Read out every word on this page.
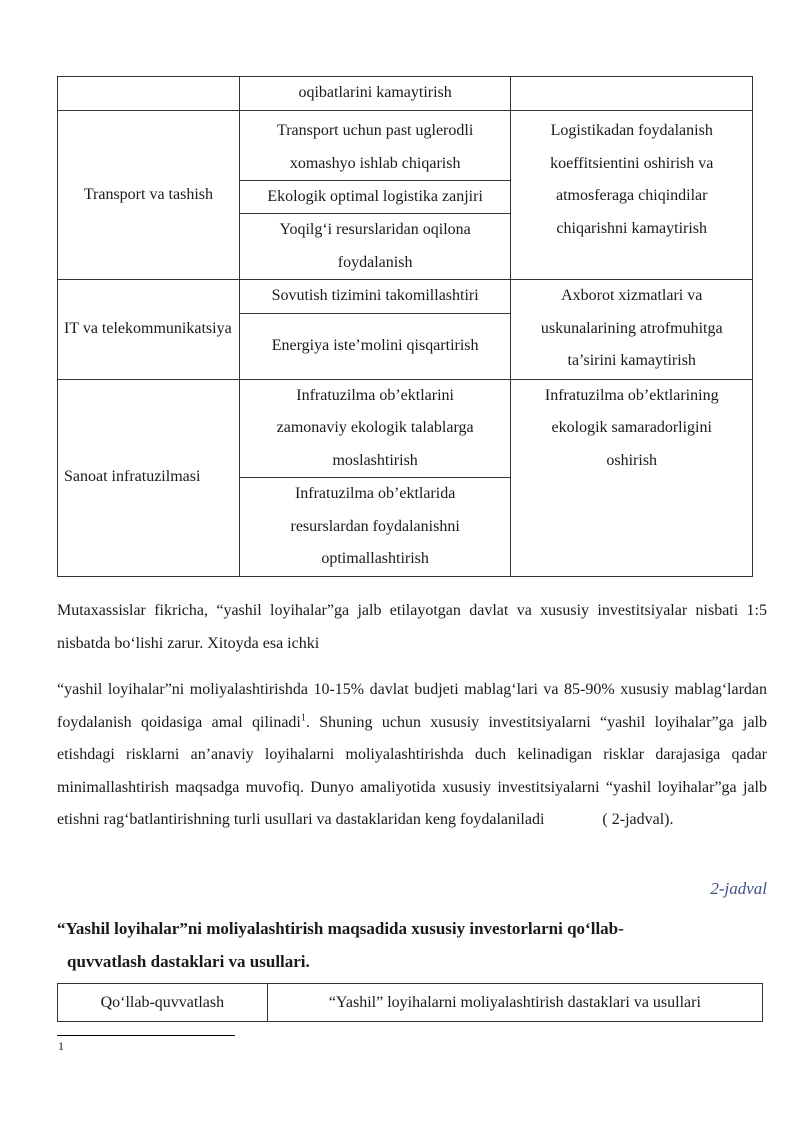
	oqibatlarini kamaytirish	
Transport va tashish	Transport uchun past uglerodli xomashyo ishlab chiqarish	Logistikadan foydalanish koeffitsientini oshirish va atmosferaga chiqindilar chiqarishni kamaytirish
	Ekologik optimal logistika zanjiri	
	Yoqilg‘i resurslaridan oqilona foydalanish	

IT va telekommunikatsiya	Sovutish tizimini takomillashtiri	Axborot xizmatlari va uskunalarining atrofmuhitga ta’sirini kamaytirish
	Energiya iste’molini qisqartirish	
Sanoat infratuzilmasi	Infratuzilma ob’ektlarini zamonaviy ekologik talablarga moslashtirish	Infratuzilma ob’ektlarining ekologik samaradorligini oshirish
	Infratuzilma ob’ektlarida resurslardan foydalanishni optimallashtirish	
Mutaxassislar fikricha, “yashil loyihalar”ga jalb etilayotgan davlat va xususiy investitsiyalar nisbati 1:5 nisbatda bo‘lishi zarur. Xitoyda esa ichki
“yashil loyihalar”ni moliyalashtirishda 10-15% davlat budjeti mablag‘lari va 85-90% xususiy mablag‘lardan foydalanish qoidasiga amal qilinadi$^1$. Shuning uchun xususiy investitsiyalarni “yashil loyihalar”ga jalb etishdagi risklarni an’anaviy loyihalarni moliyalashtirishda duch kelinadigan risklar darajasiga qadar minimallashtirish maqsadga muvofiq. Dunyo amaliyotida xususiy investitsiyalarni “yashil loyihalar”ga jalb etishni rag‘batlantirishning turli usullari va dastaklaridan keng foydalaniladi	( 2-jadval).
2-jadval
“Yashil loyihalar”ni moliyalashtirish maqsadida xususiy investorlarni qo‘llab-
quvvatlash dastaklari va usullari.
Qo‘llab-quvvatlash	“Yashil” loyihalarni moliyalashtirish dastaklari va usullari
1
